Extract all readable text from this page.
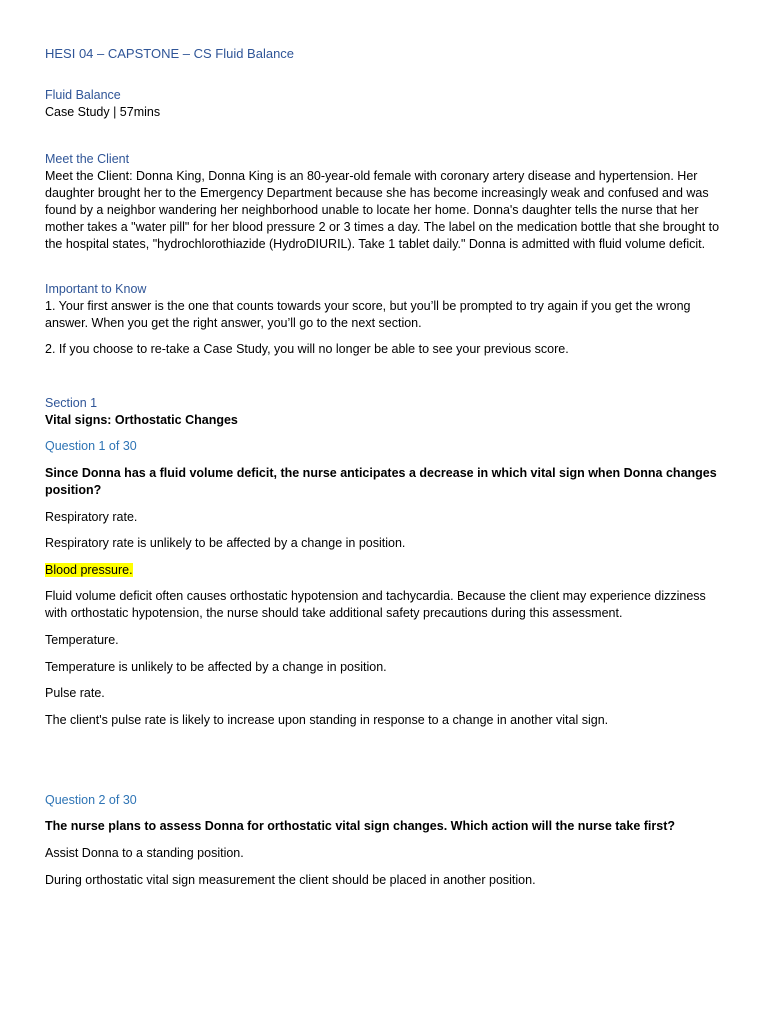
HESI 04 – CAPSTONE – CS Fluid Balance
Fluid Balance
Case Study | 57mins
Meet the Client
Meet the Client: Donna King, Donna King is an 80-year-old female with coronary artery disease and hypertension. Her daughter brought her to the Emergency Department because she has become increasingly weak and confused and was found by a neighbor wandering her neighborhood unable to locate her home. Donna's daughter tells the nurse that her mother takes a "water pill" for her blood pressure 2 or 3 times a day. The label on the medication bottle that she brought to the hospital states, "hydrochlorothiazide (HydroDIURIL). Take 1 tablet daily." Donna is admitted with fluid volume deficit.
Important to Know
1. Your first answer is the one that counts towards your score, but you’ll be prompted to try again if you get the wrong answer. When you get the right answer, you’ll go to the next section.
2. If you choose to re-take a Case Study, you will no longer be able to see your previous score.
Section 1
Vital signs: Orthostatic Changes
Question 1 of 30
Since Donna has a fluid volume deficit, the nurse anticipates a decrease in which vital sign when Donna changes position?
Respiratory rate.
Respiratory rate is unlikely to be affected by a change in position.
Blood pressure.
Fluid volume deficit often causes orthostatic hypotension and tachycardia. Because the client may experience dizziness with orthostatic hypotension, the nurse should take additional safety precautions during this assessment.
Temperature.
Temperature is unlikely to be affected by a change in position.
Pulse rate.
The client's pulse rate is likely to increase upon standing in response to a change in another vital sign.
Question 2 of 30
The nurse plans to assess Donna for orthostatic vital sign changes. Which action will the nurse take first?
Assist Donna to a standing position.
During orthostatic vital sign measurement the client should be placed in another position.
